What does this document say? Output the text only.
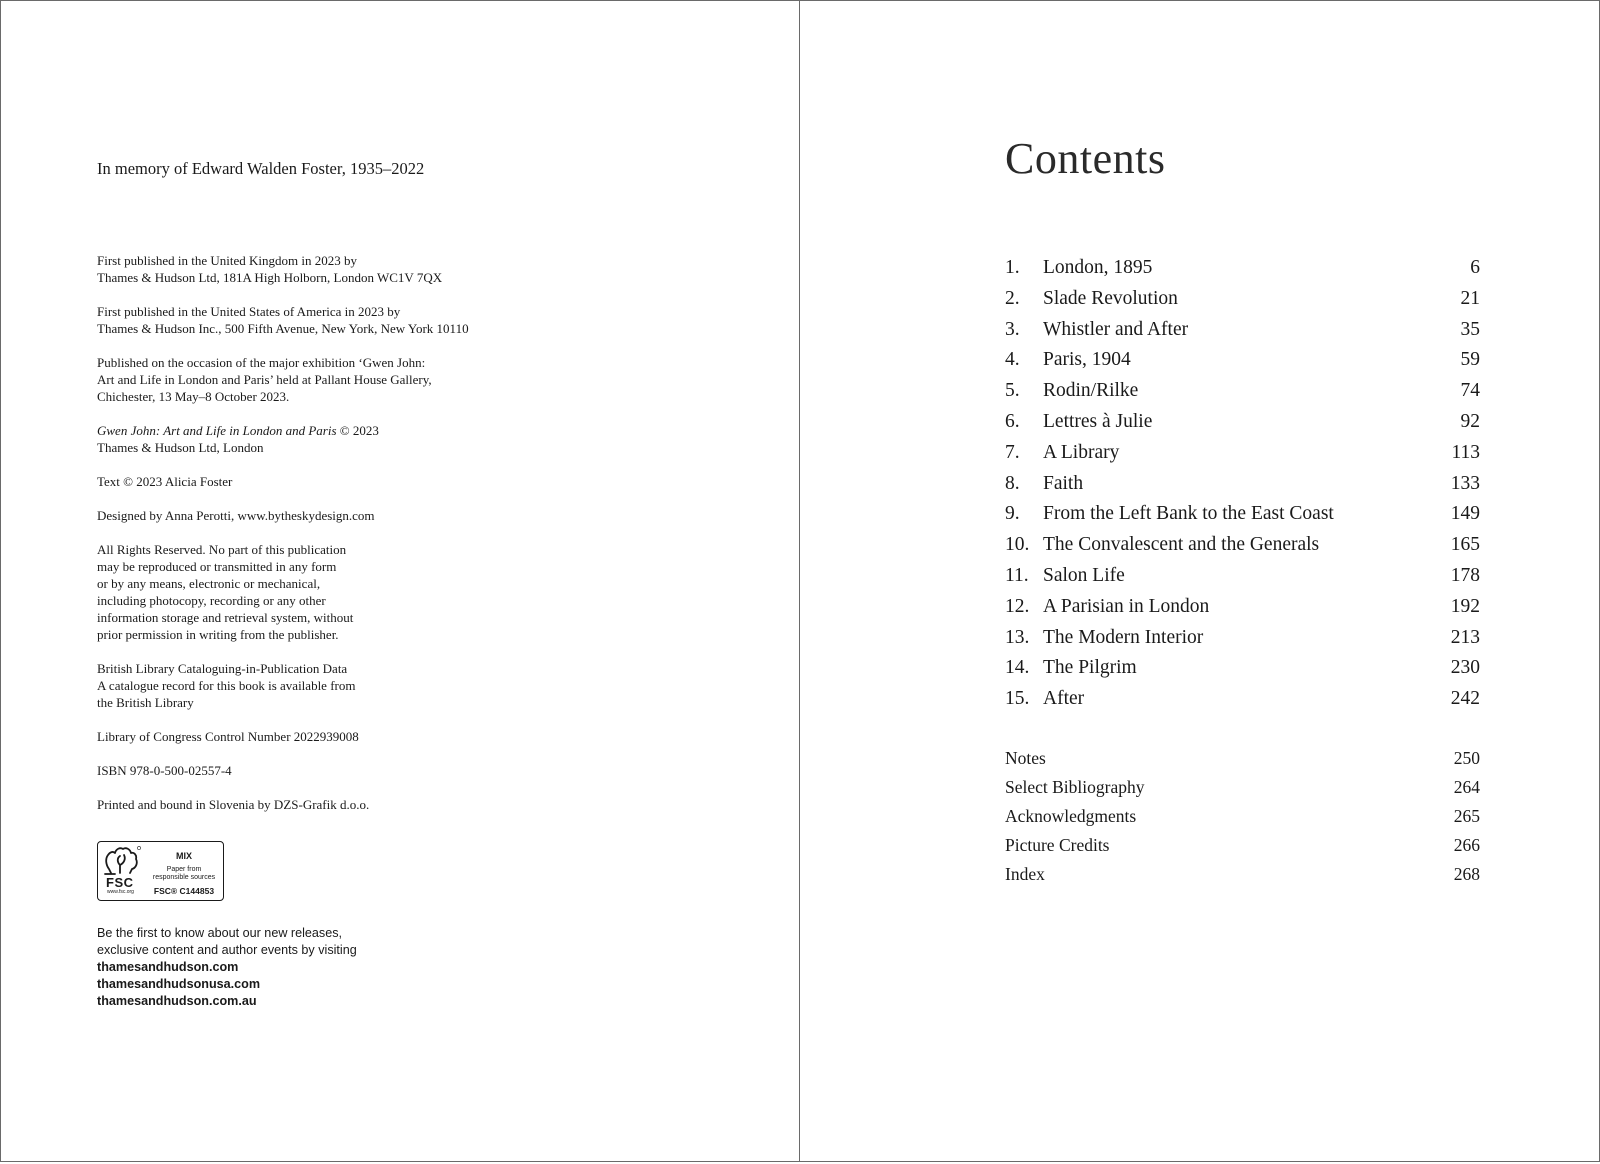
In memory of Edward Walden Foster, 1935–2022
First published in the United Kingdom in 2023 by
Thames & Hudson Ltd, 181A High Holborn, London WC1V 7QX
First published in the United States of America in 2023 by
Thames & Hudson Inc., 500 Fifth Avenue, New York, New York 10110
Published on the occasion of the major exhibition ‘Gwen John:
Art and Life in London and Paris’ held at Pallant House Gallery,
Chichester, 13 May–8 October 2023.
Gwen John: Art and Life in London and Paris © 2023
Thames & Hudson Ltd, London
Text © 2023 Alicia Foster
Designed by Anna Perotti, www.bytheskydesign.com
All Rights Reserved. No part of this publication
may be reproduced or transmitted in any form
or by any means, electronic or mechanical,
including photocopy, recording or any other
information storage and retrieval system, without
prior permission in writing from the publisher.
British Library Cataloguing-in-Publication Data
A catalogue record for this book is available from
the British Library
Library of Congress Control Number 2022939008
ISBN 978-0-500-02557-4
Printed and bound in Slovenia by DZS-Grafik d.o.o.
FSC
www.fsc.org
MIX
Paper from
responsible sources
FSC® C144853
Be the first to know about our new releases,
exclusive content and author events by visiting
thamesandhudson.com
thamesandhudsonusa.com
thamesandhudson.com.au
Contents
1. London, 1895	6
2. Slade Revolution	21
3. Whistler and After	35
4. Paris, 1904	59
5. Rodin/Rilke	74
6. Lettres à Julie	92
7. A Library	113
8. Faith	133
9. From the Left Bank to the East Coast	149
10. The Convalescent and the Generals	165
11. Salon Life	178
12. A Parisian in London	192
13. The Modern Interior	213
14. The Pilgrim	230
15. After	242
Notes	250
Select Bibliography	264
Acknowledgments	265
Picture Credits	266
Index	268
